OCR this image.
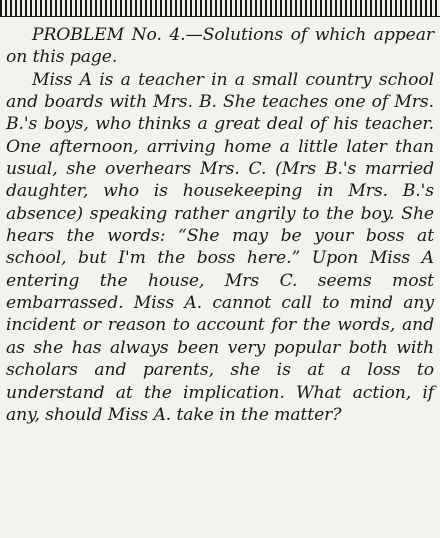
PROBLEM No. 4.—Solutions of which appear on this page.

Miss A is a teacher in a small country school and boards with Mrs. B. She teaches one of Mrs. B.'s boys, who thinks a great deal of his teacher. One afternoon, arriving home a little later than usual, she overhears Mrs. C. (Mrs B.'s married daughter, who is housekeeping in Mrs. B.'s absence) speaking rather angrily to the boy. She hears the words: “She may be your boss at school, but I'm the boss here.” Upon Miss A entering the house, Mrs C. seems most embarrassed. Miss A. cannot call to mind any incident or reason to account for the words, and as she has always been very popular both with scholars and parents, she is at a loss to understand at the implication. What action, if any, should Miss A. take in the matter?
